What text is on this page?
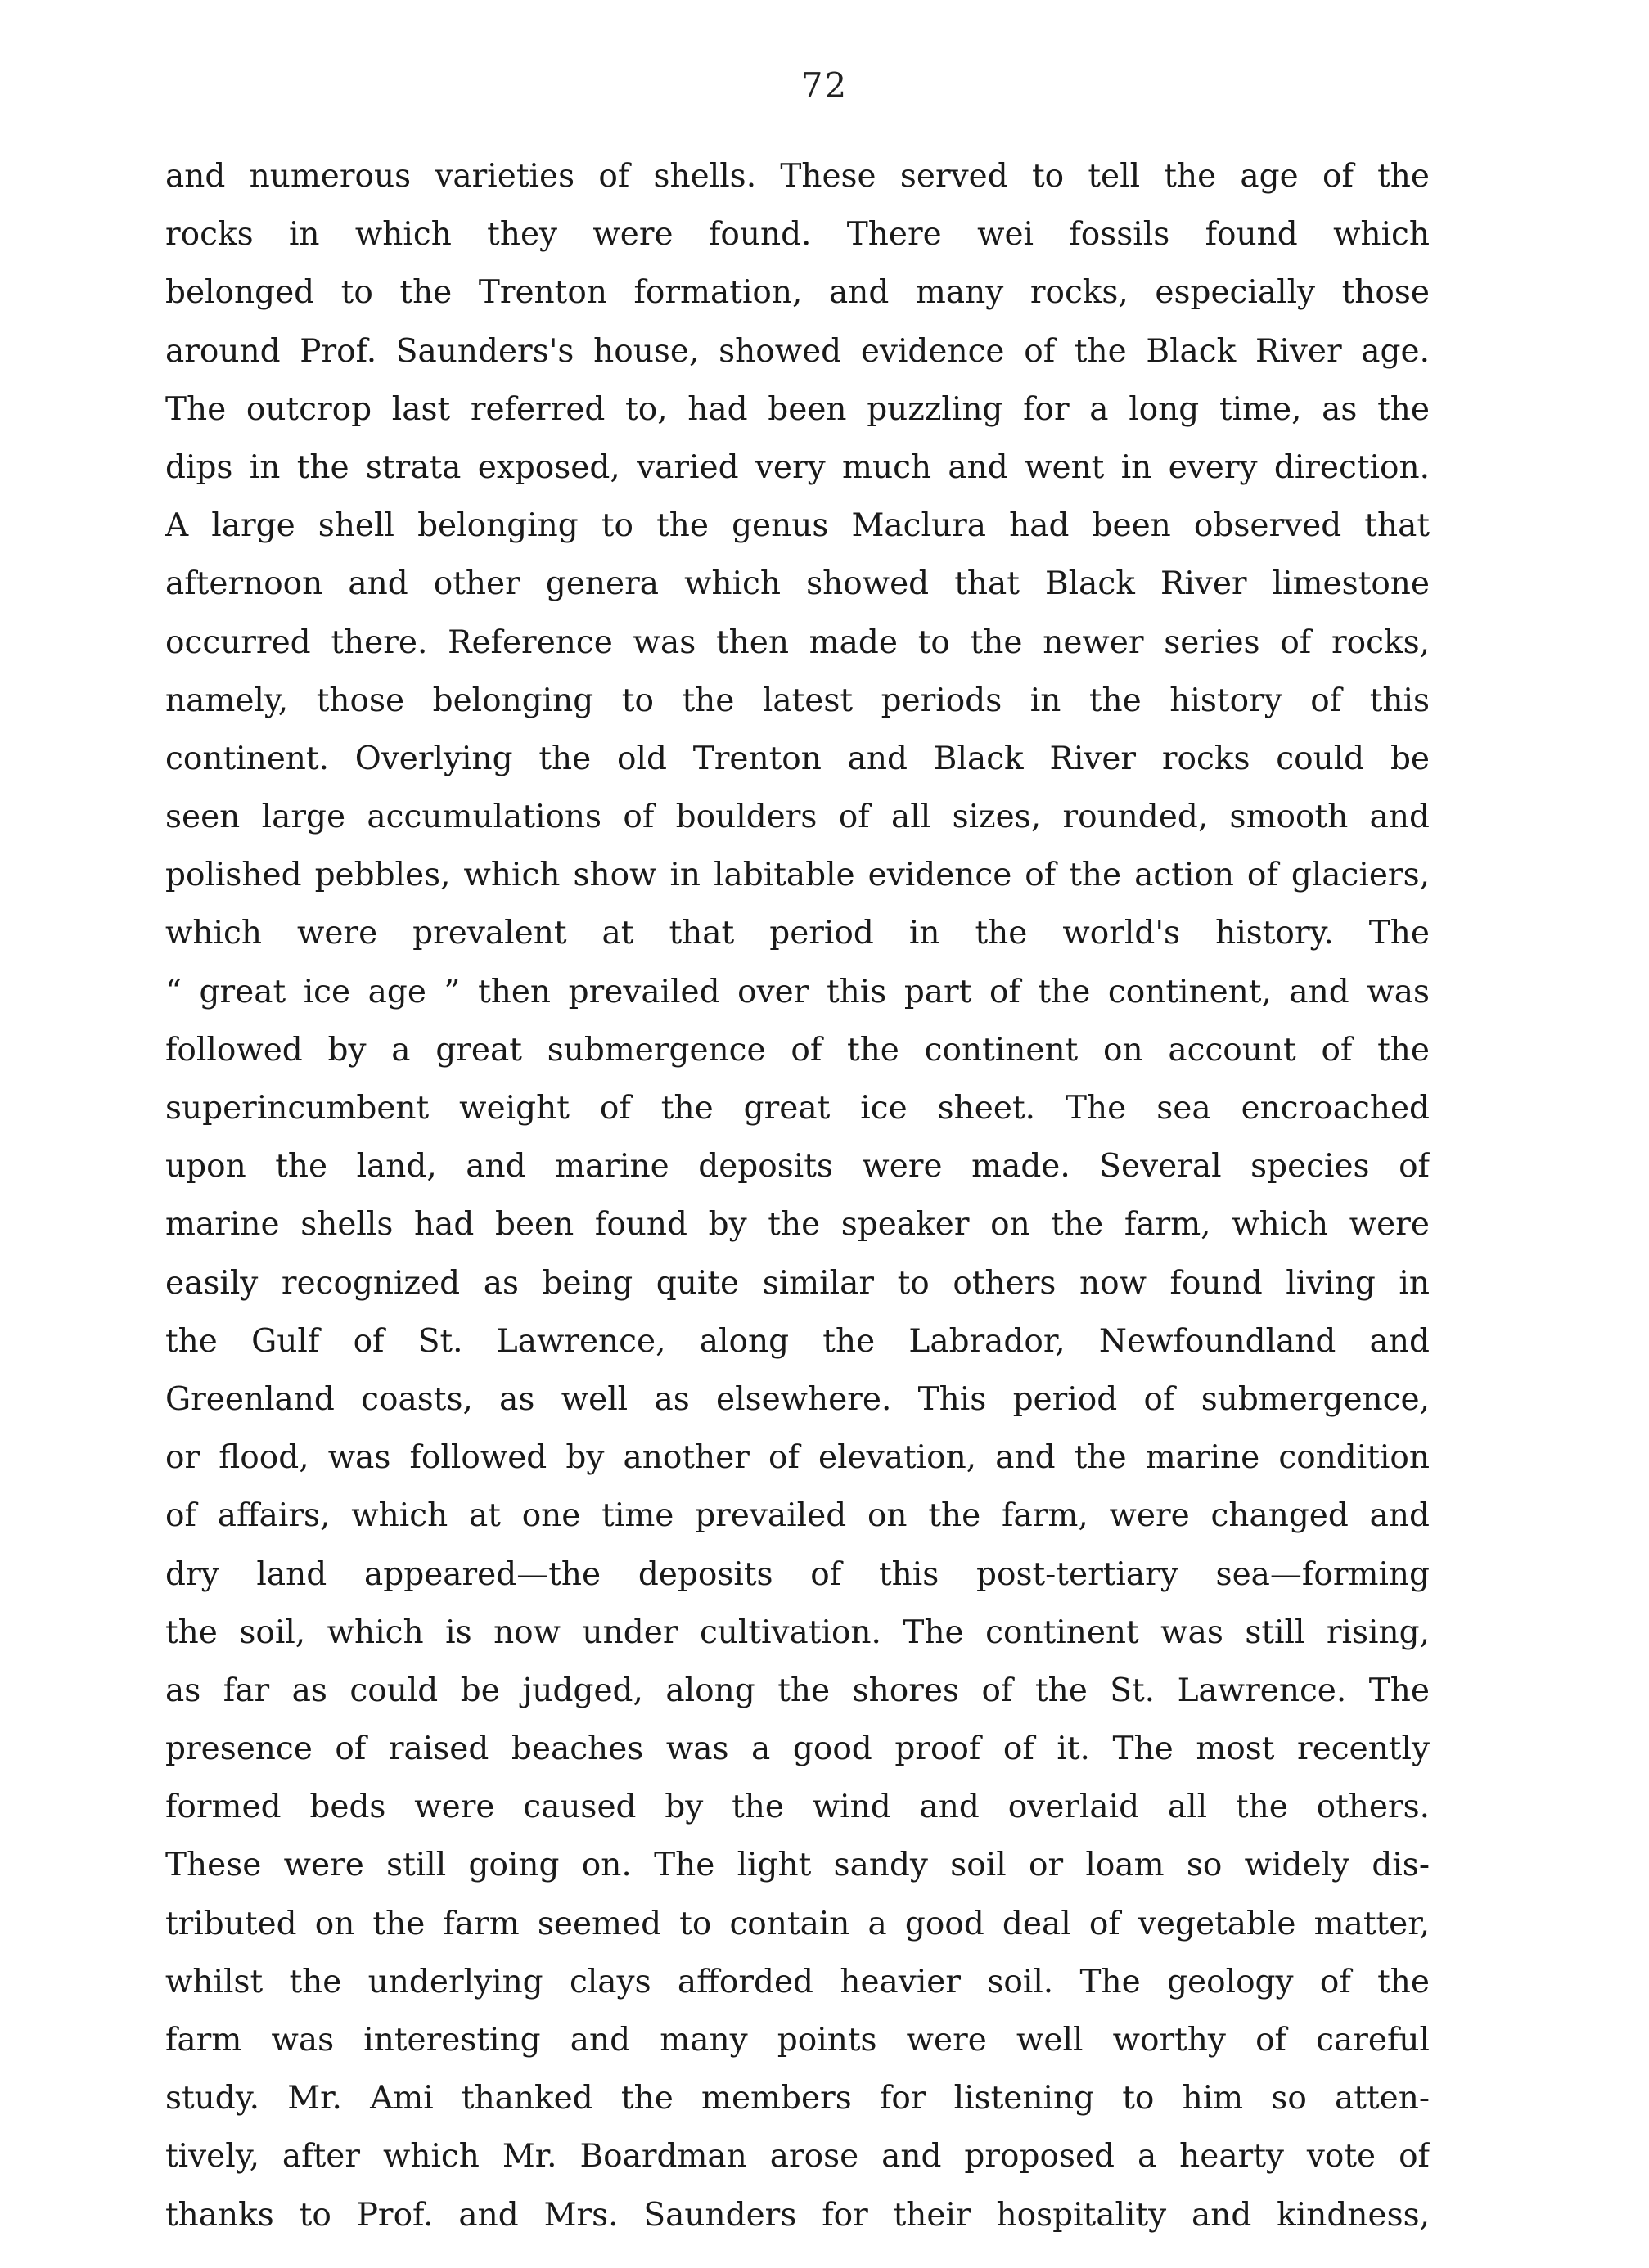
72
and numerous varieties of shells. These served to tell the age of the
rocks in which they were found. There wei fossils found which
belonged to the Trenton formation, and many rocks, especially those
around Prof. Saunders's house, showed evidence of the Black River age.
The outcrop last referred to, had been puzzling for a long time, as the
dips in the strata exposed, varied very much and went in every direction.
A large shell belonging to the genus Maclura had been observed that
afternoon and other genera which showed that Black River limestone
occurred there. Reference was then made to the newer series of rocks,
namely, those belonging to the latest periods in the history of this
continent. Overlying the old Trenton and Black River rocks could be
seen large accumulations of boulders of all sizes, rounded, smooth and
polished pebbles, which show in labitable evidence of the action of glaciers,
which were prevalent at that period in the world's history. The
“ great ice age ” then prevailed over this part of the continent, and was
followed by a great submergence of the continent on account of the
superincumbent weight of the great ice sheet. The sea encroached
upon the land, and marine deposits were made. Several species of
marine shells had been found by the speaker on the farm, which were
easily recognized as being quite similar to others now found living in
the Gulf of St. Lawrence, along the Labrador, Newfoundland and
Greenland coasts, as well as elsewhere. This period of submergence,
or flood, was followed by another of elevation, and the marine condition
of affairs, which at one time prevailed on the farm, were changed and
dry land appeared—the deposits of this post-tertiary sea—forming
the soil, which is now under cultivation. The continent was still rising,
as far as could be judged, along the shores of the St. Lawrence. The
presence of raised beaches was a good proof of it. The most recently
formed beds were caused by the wind and overlaid all the others.
These were still going on. The light sandy soil or loam so widely dis-
tributed on the farm seemed to contain a good deal of vegetable matter,
whilst the underlying clays afforded heavier soil. The geology of the
farm was interesting and many points were well worthy of careful
study. Mr. Ami thanked the members for listening to him so atten-
tively, after which Mr. Boardman arose and proposed a hearty vote of
thanks to Prof. and Mrs. Saunders for their hospitality and kindness,
